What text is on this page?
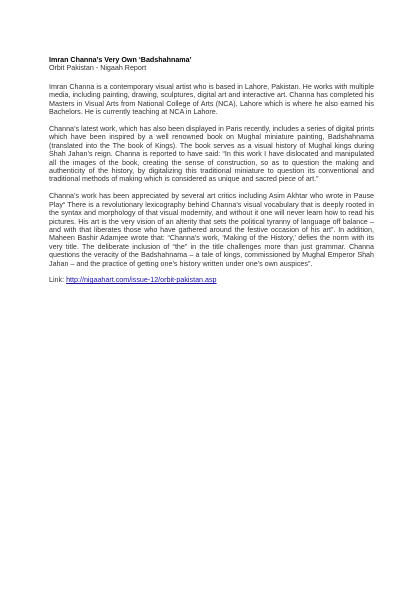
Imran Channa’s Very Own ‘Badshahnama’

Orbit Pakistan - Nigaah Report

Imran Channa is a contemporary visual artist who is based in Lahore, Pakistan. He works with multiple media, including painting, drawing, sculptures, digital art and interactive art. Channa has completed his Masters in Visual Arts from National College of Arts (NCA), Lahore which is where he also earned his Bachelors. He is currently teaching at NCA in Lahore.

Channa’s latest work, which has also been displayed in Paris recently, includes a series of digital prints which have been inspired by a well renowned book on Mughal miniature painting, Badshahnama (translated into the The book of Kings). The book serves as a visual history of Mughal kings during Shah Jahan’s reign. Channa is reported to have said: “In this work I have dislocated and manipulated all the images of the book, creating the sense of construction, so as to question the making and authenticity of the history, by digitalizing this traditional miniature to question its conventional and traditional methods of making which is considered as unique and sacred piece of art.”

Channa’s work has been appreciated by several art critics including Asim Akhtar who wrote in Pause Play“ There is a revolutionary lexicography behind Channa’s visual vocabulary that is deeply rooted in the syntax and morphology of that visual modernity, and without it one will never learn how to read his pictures. His art is the very vision of an alterity that sets the political tyranny of language off balance – and with that liberates those who have gathered around the festive occasion of his art”. In addition, Maheen Bashir Adamjee wrote that: “Channa’s work, ‘Making of the History,’ defies the norm with its very title. The deliberate inclusion of “the” in the title challenges more than just grammar. Channa questions the veracity of the Badshahnama – a tale of kings, commissioned by Mughal Emperor Shah Jahan – and the practice of getting one’s history written under one’s own auspices”.

Link: http://nigaahart.com/issue-12/orbit-pakistan.asp
